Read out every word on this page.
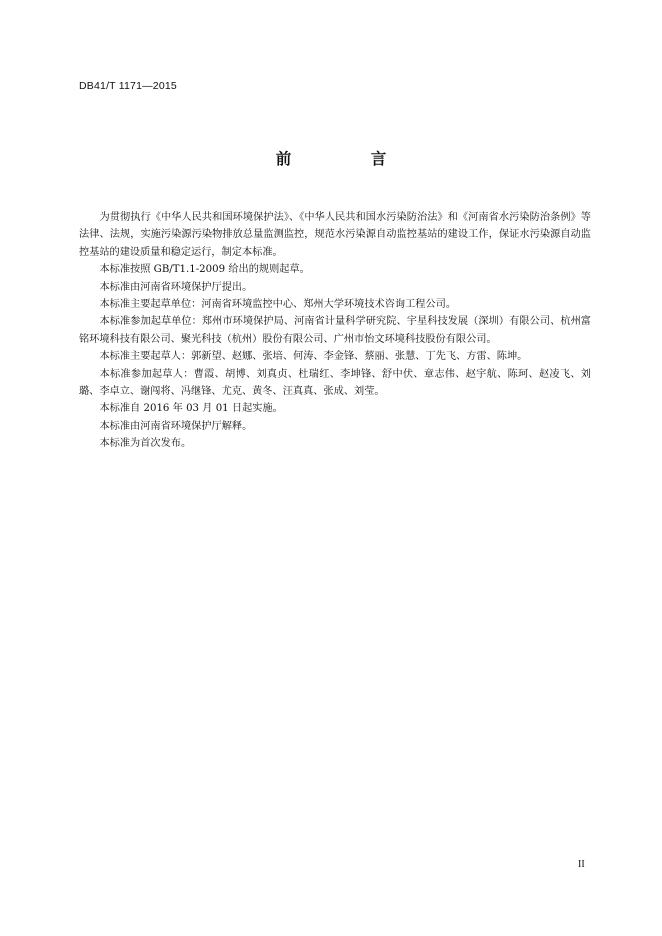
DB41/T 1171—2015
前 言

为贯彻执行《中华人民共和国环境保护法》、《中华人民共和国水污染防治法》和《河南省水污染防治条例》等法律、法规，实施污染源污染物排放总量监测监控，规范水污染源自动监控基站的建设工作，保证水污染源自动监控基站的建设质量和稳定运行，制定本标准。

本标准按照 GB/T1.1-2009 给出的规则起草。

本标准由河南省环境保护厅提出。

本标准主要起草单位：河南省环境监控中心、郑州大学环境技术咨询工程公司。

本标准参加起草单位：郑州市环境保护局、河南省计量科学研究院、宇星科技发展（深圳）有限公司、杭州富铭环境科技有限公司、聚光科技（杭州）股份有限公司、广州市怡文环境科技股份有限公司。

本标准主要起草人：郭新望、赵娜、张培、何涛、李金锋、蔡丽、张慧、丁先飞、方雷、陈坤。

本标准参加起草人：曹霞、胡博、刘真贞、杜瑞红、李坤锋、舒中伏、章志伟、赵宇航、陈珂、赵凌飞、刘璐、李卓立、谢闯将、冯继锋、尤克、黄冬、汪真真、张成、刘莹。

本标准自 2016 年 03 月 01 日起实施。

本标准由河南省环境保护厅解释。

本标准为首次发布。

II
